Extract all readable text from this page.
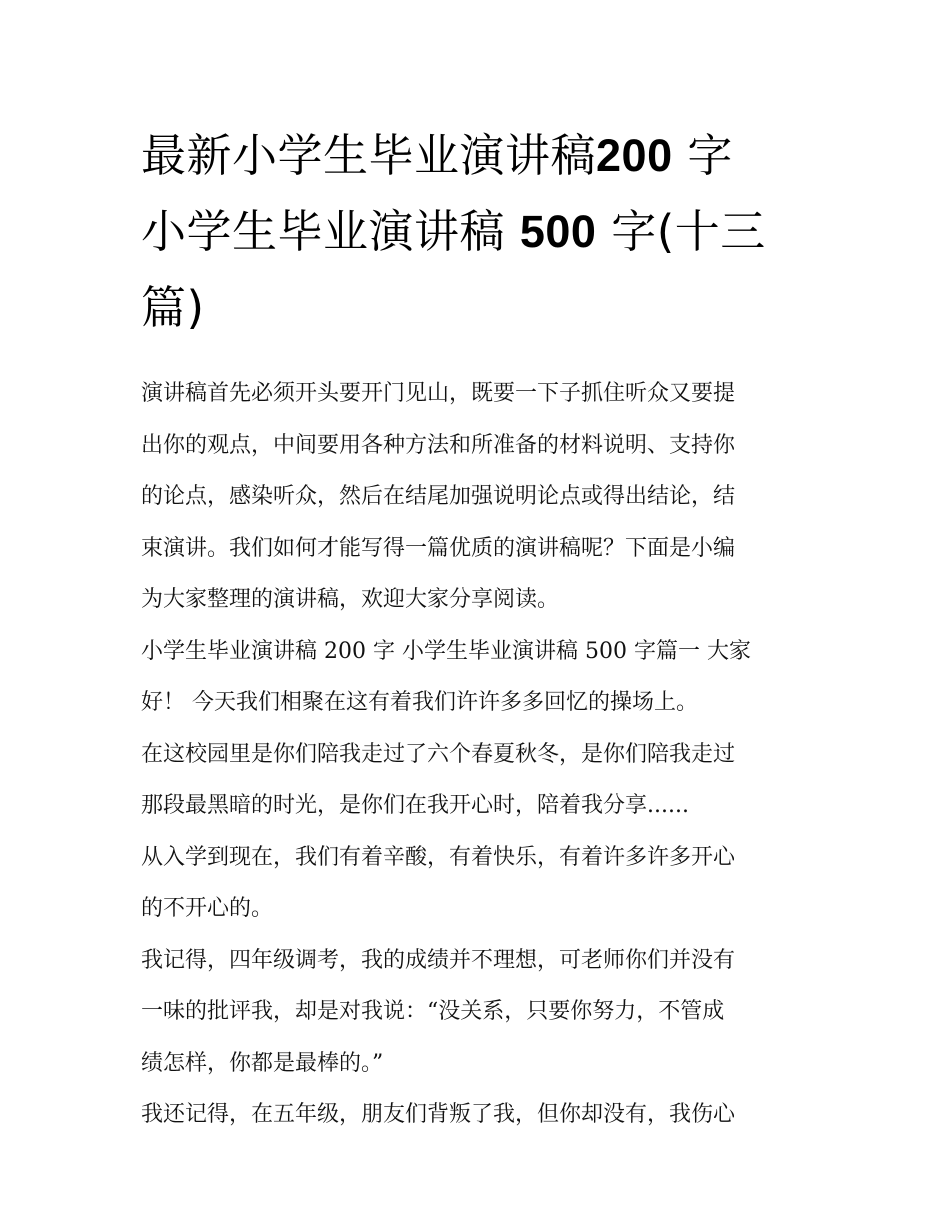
最新小学生毕业演讲稿200 字
小学生毕业演讲稿 500 字(十三
篇)

演讲稿首先必须开头要开门见山，既要一下子抓住听众又要提
出你的观点，中间要用各种方法和所准备的材料说明、支持你
的论点，感染听众，然后在结尾加强说明论点或得出结论，结
束演讲。我们如何才能写得一篇优质的演讲稿呢？下面是小编
为大家整理的演讲稿，欢迎大家分享阅读。

小学生毕业演讲稿 200 字 小学生毕业演讲稿 500 字篇一 大家
好！ 今天我们相聚在这有着我们许许多多回忆的操场上。

在这校园里是你们陪我走过了六个春夏秋冬，是你们陪我走过
那段最黑暗的时光，是你们在我开心时，陪着我分享......

从入学到现在，我们有着辛酸，有着快乐，有着许多许多开心
的不开心的。

我记得，四年级调考，我的成绩并不理想，可老师你们并没有
一味的批评我，却是对我说：“没关系，只要你努力，不管成
绩怎样，你都是最棒的。”

我还记得，在五年级，朋友们背叛了我，但你却没有，我伤心
